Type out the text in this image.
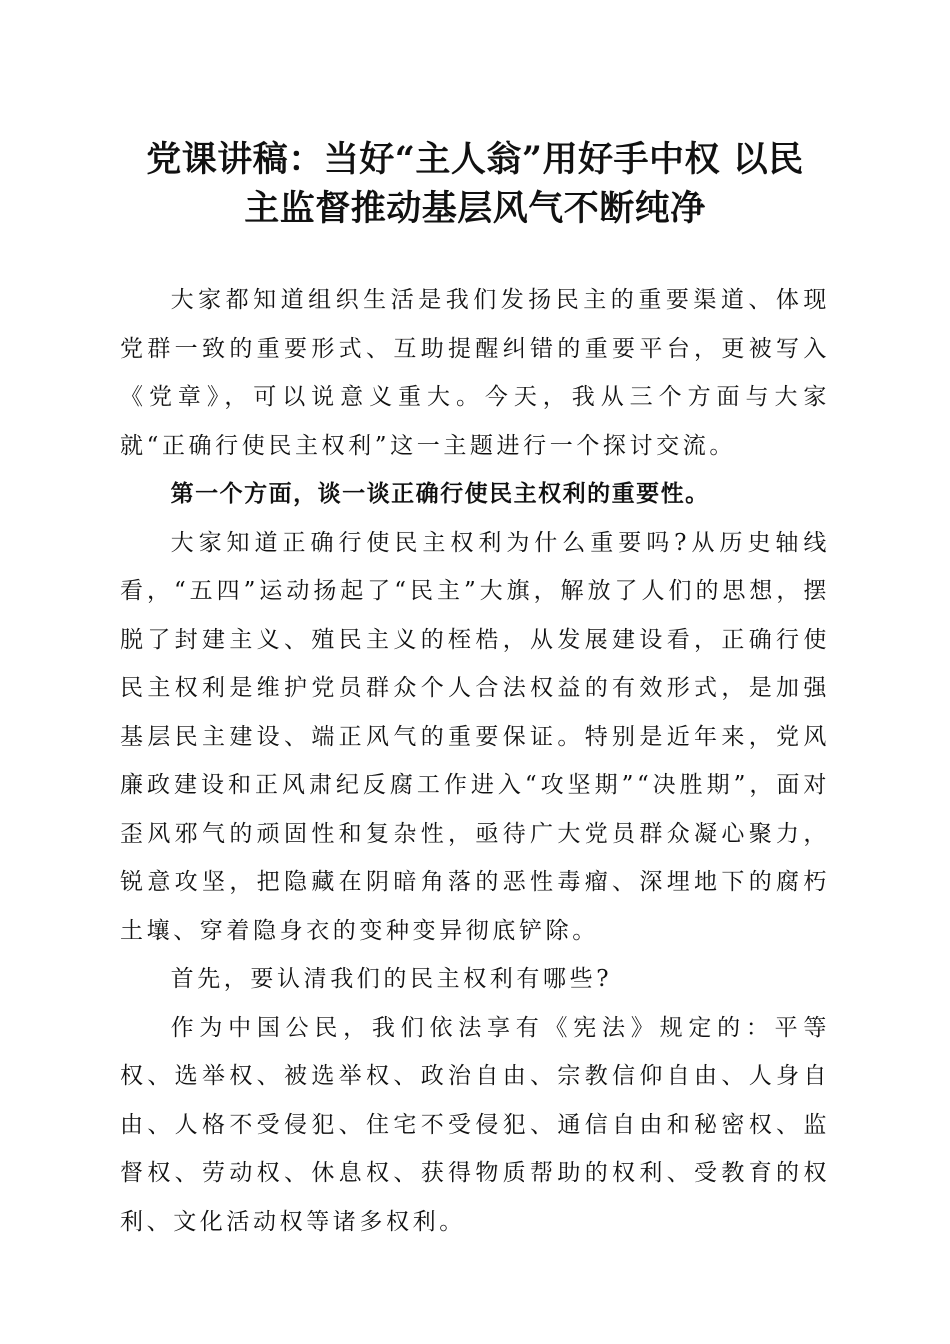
党课讲稿：当好“主人翁”用好手中权 以民
主监督推动基层风气不断纯净

大家都知道组织生活是我们发扬民主的重要渠道、体现党群一致的重要形式、互助提醒纠错的重要平台，更被写入《党章》，可以说意义重大。今天，我从三个方面与大家就“正确行使民主权利”这一主题进行一个探讨交流。

第一个方面，谈一谈正确行使民主权利的重要性。

大家知道正确行使民主权利为什么重要吗?从历史轴线看，“五四”运动扬起了“民主”大旗，解放了人们的思想，摆脱了封建主义、殖民主义的桎梏，从发展建设看，正确行使民主权利是维护党员群众个人合法权益的有效形式，是加强基层民主建设、端正风气的重要保证。特别是近年来，党风廉政建设和正风肃纪反腐工作进入“攻坚期”“决胜期”，面对歪风邪气的顽固性和复杂性，亟待广大党员群众凝心聚力，锐意攻坚，把隐藏在阴暗角落的恶性毒瘤、深埋地下的腐朽土壤、穿着隐身衣的变种变异彻底铲除。

首先，要认清我们的民主权利有哪些?

作为中国公民，我们依法享有《宪法》规定的：平等权、选举权、被选举权、政治自由、宗教信仰自由、人身自由、人格不受侵犯、住宅不受侵犯、通信自由和秘密权、监督权、劳动权、休息权、获得物质帮助的权利、受教育的权利、文化活动权等诸多权利。
